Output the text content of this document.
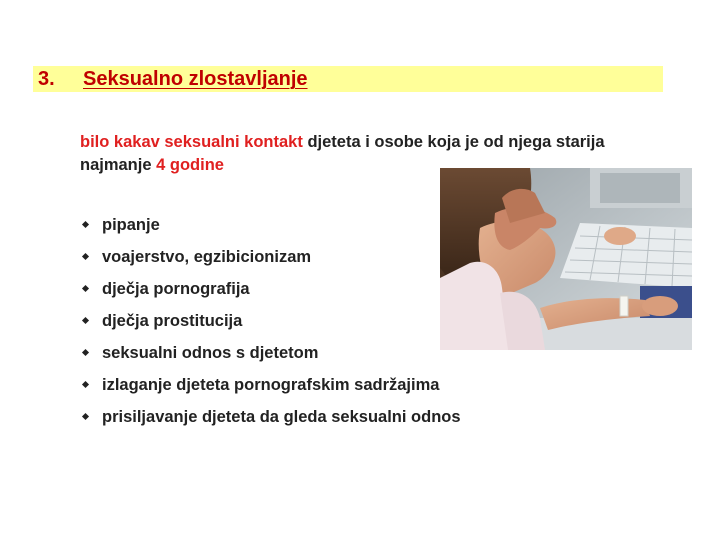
3. Seksualno zlostavljanje
bilo kakav seksualni kontakt djeteta i osobe koja je od njega starija najmanje 4 godine
pipanje
voajerstvo, egzibicionizam
dječja pornografija
dječja prostitucija
seksualni odnos s djetetom
izlaganje djeteta pornografskim sadržajima
prisiljavanje djeteta da gleda seksualni odnos
